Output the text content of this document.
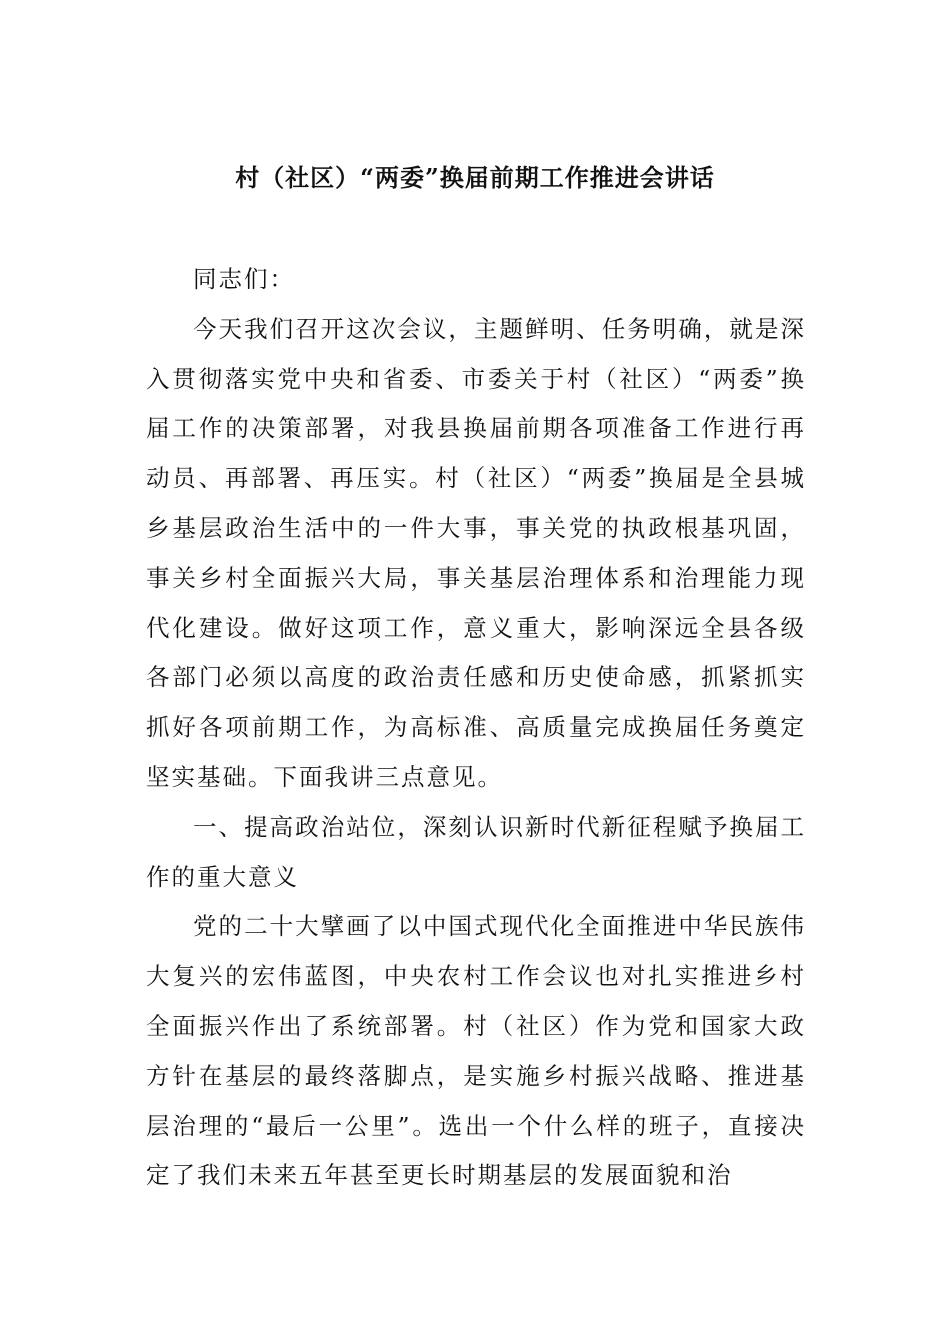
村（社区）“两委”换届前期工作推进会讲话

同志们：

今天我们召开这次会议，主题鲜明、任务明确，就是深入贯彻落实党中央和省委、市委关于村（社区）“两委”换届工作的决策部署，对我县换届前期各项准备工作进行再动员、再部署、再压实。村（社区）“两委”换届是全县城乡基层政治生活中的一件大事，事关党的执政根基巩固，事关乡村全面振兴大局，事关基层治理体系和治理能力现代化建设。做好这项工作，意义重大，影响深远全县各级各部门必须以高度的政治责任感和历史使命感，抓紧抓实抓好各项前期工作，为高标准、高质量完成换届任务奠定坚实基础。下面我讲三点意见。

一、提高政治站位，深刻认识新时代新征程赋予换届工作的重大意义

党的二十大擘画了以中国式现代化全面推进中华民族伟大复兴的宏伟蓝图，中央农村工作会议也对扎实推进乡村全面振兴作出了系统部署。村（社区）作为党和国家大政方针在基层的最终落脚点，是实施乡村振兴战略、推进基层治理的“最后一公里”。选出一个什么样的班子，直接决定了我们未来五年甚至更长时期基层的发展面貌和治
